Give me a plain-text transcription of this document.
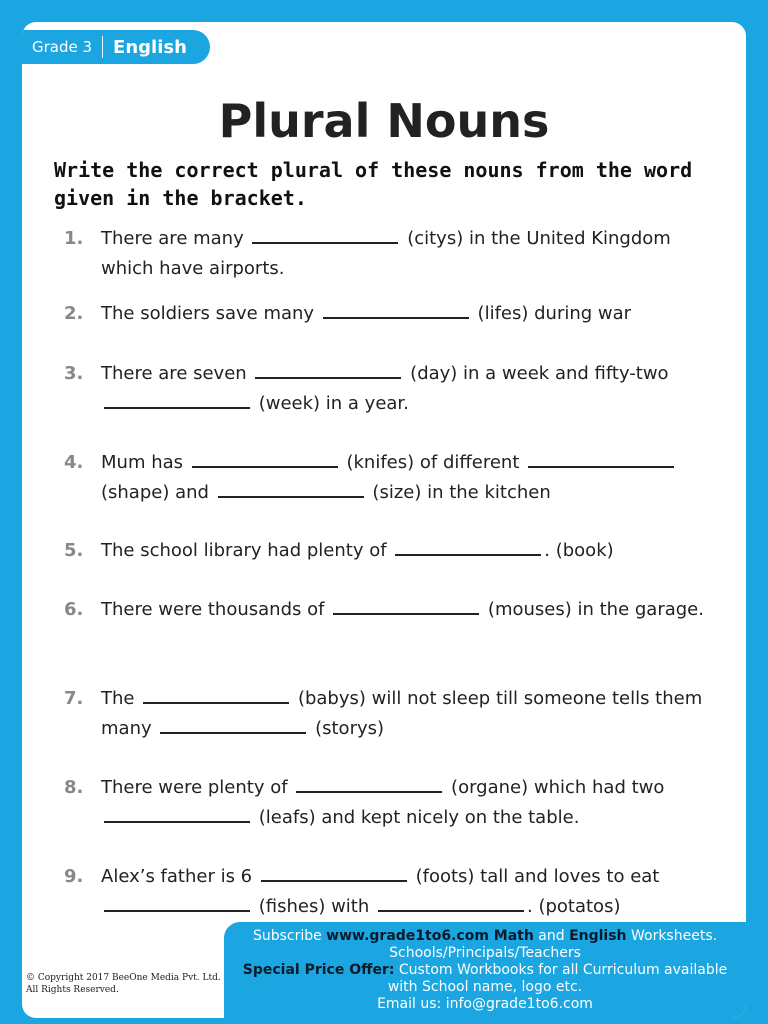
Grade 3 English
Plural Nouns
Write the correct plural of these nouns from the word given in the bracket.
1. There are many	(citys) in the United Kingdom which have airports.
2. The soldiers save many	(lifes) during war
3. There are seven	(day) in a week and fifty-two  (week) in a year.
4. Mum has	(knifes) of different  (shape) and	(size) in the kitchen
5. The school library had plenty of	. (book)
6. There were thousands of	(mouses) in the garage.
7. The	(babys) will not sleep till someone tells them many	(storys)
8. There were plenty of	(organe) which had two  (leafs) and kept nicely on the table.
9. Alex’s father is 6	(foots) tall and loves to eat  (fishes) with	. (potatos)
© Copyright 2017 BeeOne Media Pvt. Ltd.
All Rights Reserved.
Subscribe www.grade1to6.com Math and English Worksheets.
Schools/Principals/Teachers
Special Price Offer: Custom Workbooks for all Curriculum available
with School name, logo etc.
Email us: info@grade1to6.com
